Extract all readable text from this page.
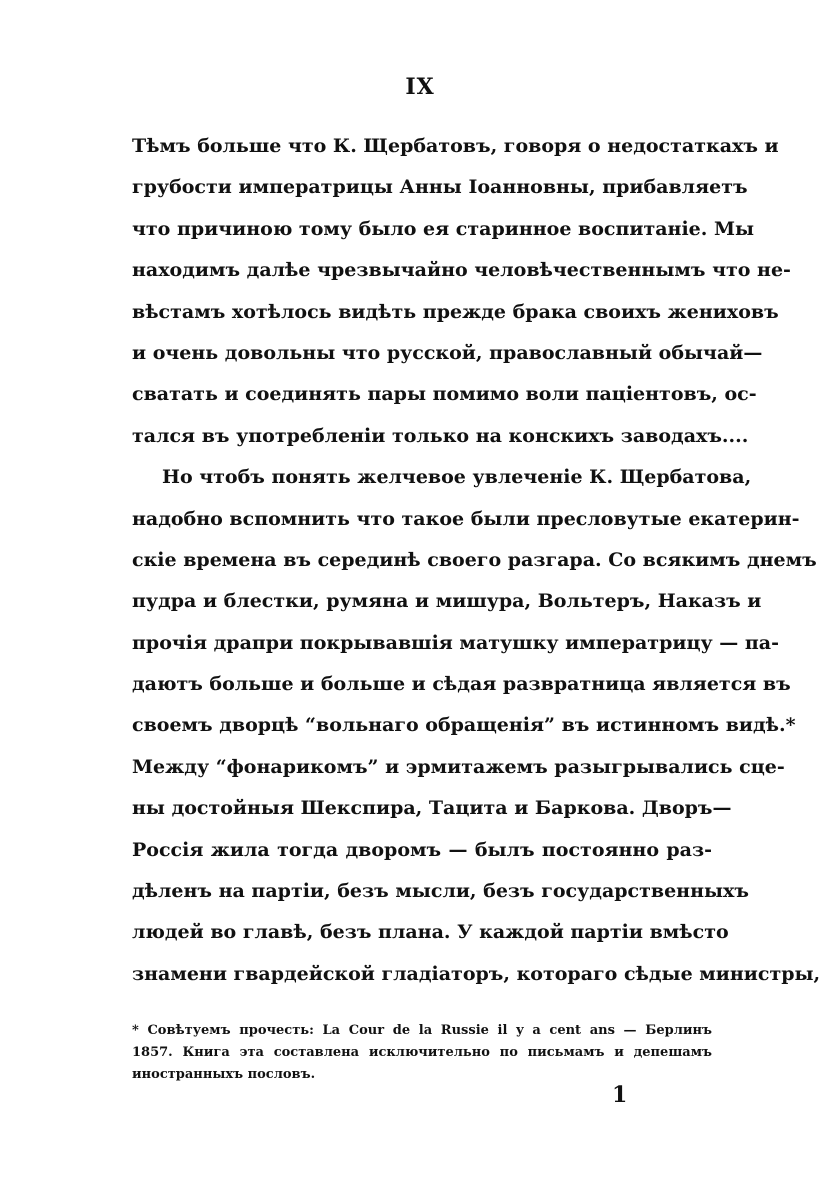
IX
Тѣмъ больше что К. Щербатовъ, говоря о недостаткахъ и
грубости императрицы Анны Іоанновны, прибавляетъ
что причиною тому было ея старинное воспитаніе. Мы
находимъ далѣе чрезвычайно человѣчественнымъ что не-
вѣстамъ хотѣлось видѣть прежде брака своихъ жениховъ
и очень довольны что русской, православный обычай—
сватать и соединять пары помимо воли паціентовъ, ос-
тался въ употребленіи только на конскихъ заводахъ....
Но чтобъ понять желчевое увлеченіе К. Щербатова,
надобно вспомнить что такое были пресловутые екатерин-
скіе времена въ серединѣ своего разгара. Со всякимъ днемъ
пудра и блестки, румяна и мишура, Вольтеръ, Наказъ и
прочія драпри покрывавшія матушку императрицу — па-
даютъ больше и больше и сѣдая развратница является въ
своемъ дворцѣ “вольнаго обращенія” въ истинномъ видѣ.*
Между “фонарикомъ” и эрмитажемъ разыгрывались сце-
ны достойныя Шекспира, Тацита и Баркова. Дворъ—
Россія жила тогда дворомъ — былъ постоянно раз-
дѣленъ на партіи, безъ мысли, безъ государственныхъ
людей во главѣ, безъ плана. У каждой партіи вмѣсто
знамени гвардейской гладіаторъ, котораго сѣдые министры,
* Совѣтуемъ прочесть: La Cour de la Russie il y a cent ans — Берлинъ
1857. Книга эта составлена исключительно по письмамъ и депешамъ
иностранныхъ пословъ.
1
